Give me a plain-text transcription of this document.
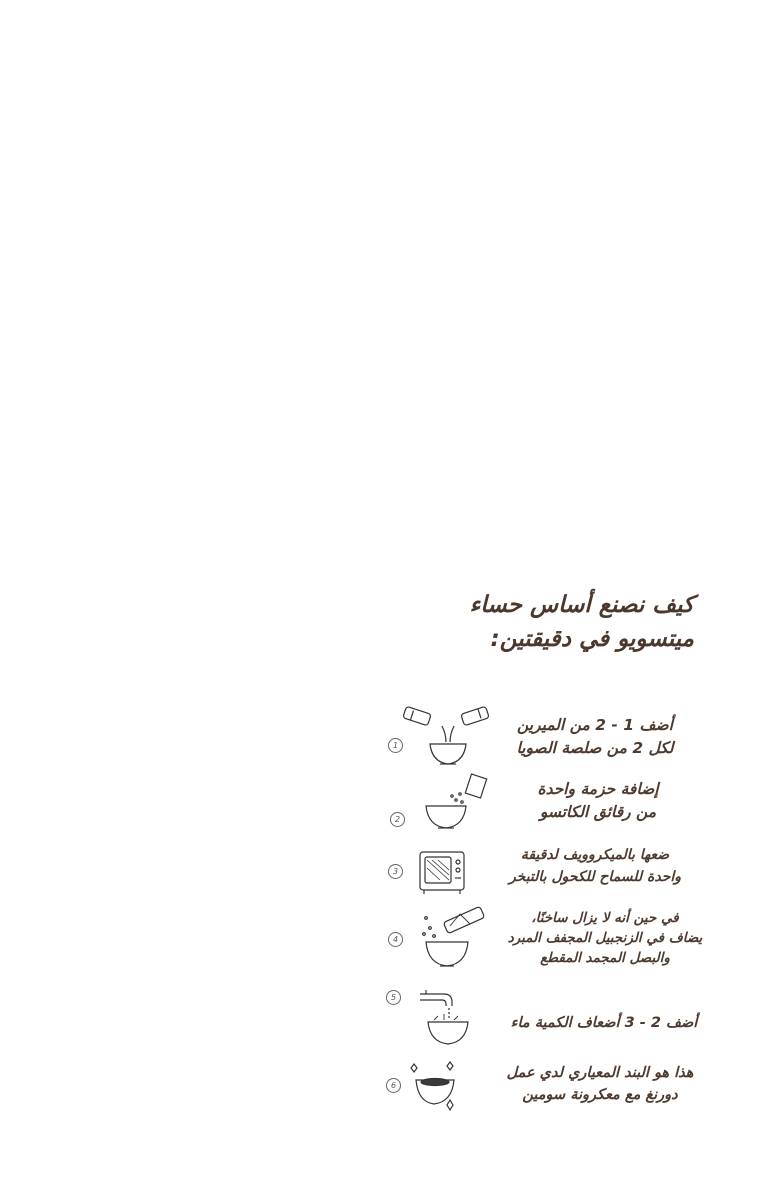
كيف نصنع أساس حساء
ميتسويو في دقيقتين:
1
أضف 1 - 2 من الميرين
لكل 2 من صلصة الصويا
2
إضافة حزمة واحدة
من رقائق الكاتسو
3
ضعها بالميكروويف لدقيقة
واحدة للسماح للكحول بالتبخر
4
في حين أنه لا يزال ساخنًا،
يضاف في الزنجبيل المجفف المبرد
والبصل المجمد المقطع
5
أضف 2 - 3 أضعاف الكمية ماء
6
هذا هو البند المعياري لدي عمل
دورنغ مع معكرونة سومين
